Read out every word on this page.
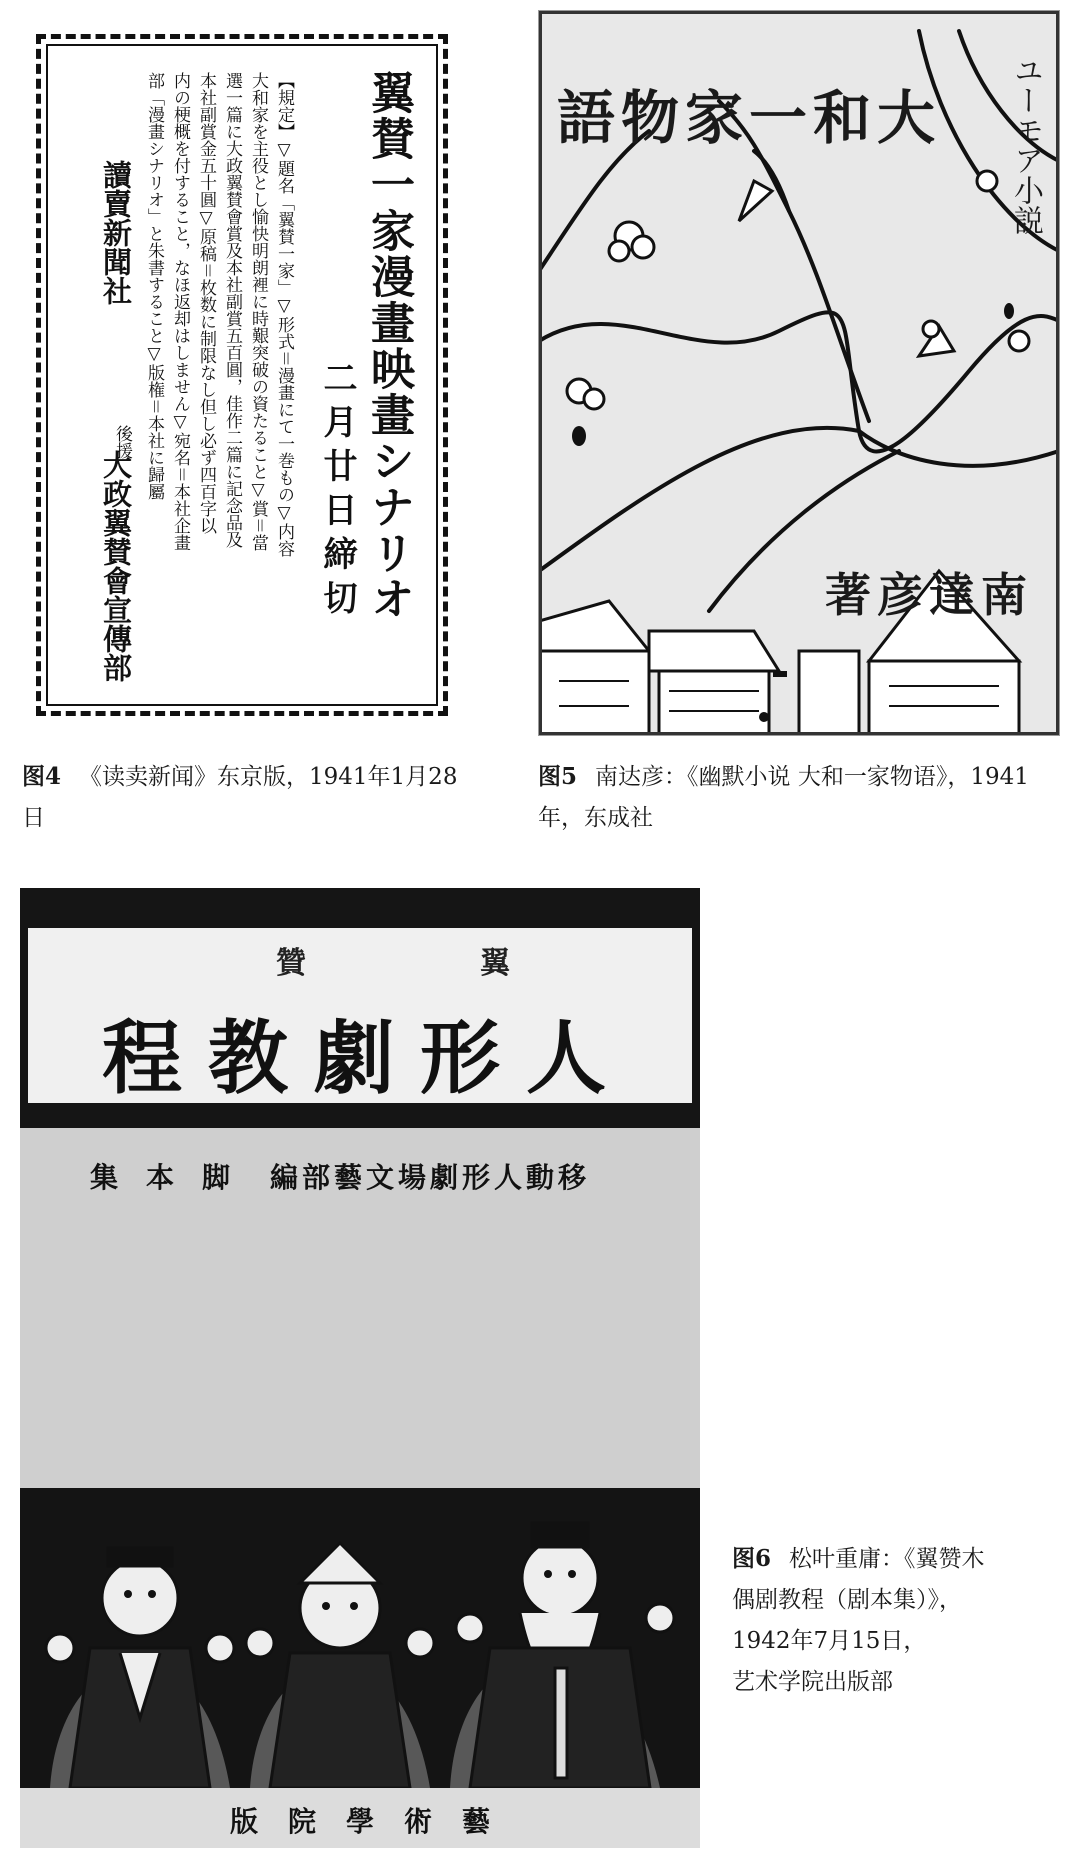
翼賛一家漫畫映畫シナリオ
二月廿日締切
【規定】▽題名「翼賛一家」▽形式＝漫畫にて一巻もの▽内容
大和家を主役とし愉快明朗裡に時艱突破の資たること▽賞＝當
選一篇に大政翼賛會賞及本社副賞五百圓，佳作二篇に記念品及
本社副賞金五十圓▽原稿＝枚数に制限なし但し必ず四百字以
内の梗概を付すること，なほ返却はしません▽宛名＝本社企畫
部「漫畫シナリオ」と朱書すること▽版権＝本社に歸屬
讀賣新聞社
後援
大政翼賛會宣傳部
大和一家物語 ユーモア小説
南達彦著
贊	翼
人形劇教程
移動人形劇場文藝部編
脚本集
藝術學院版
图4 《读卖新闻》东京版，1941年1月28日
图5 南达彦：《幽默小说 大和一家物语》，1941年，东成社
图6 松叶重庸：《翼赞木
偶剧教程（剧本集）》，
1942年7月15日，
艺术学院出版部
